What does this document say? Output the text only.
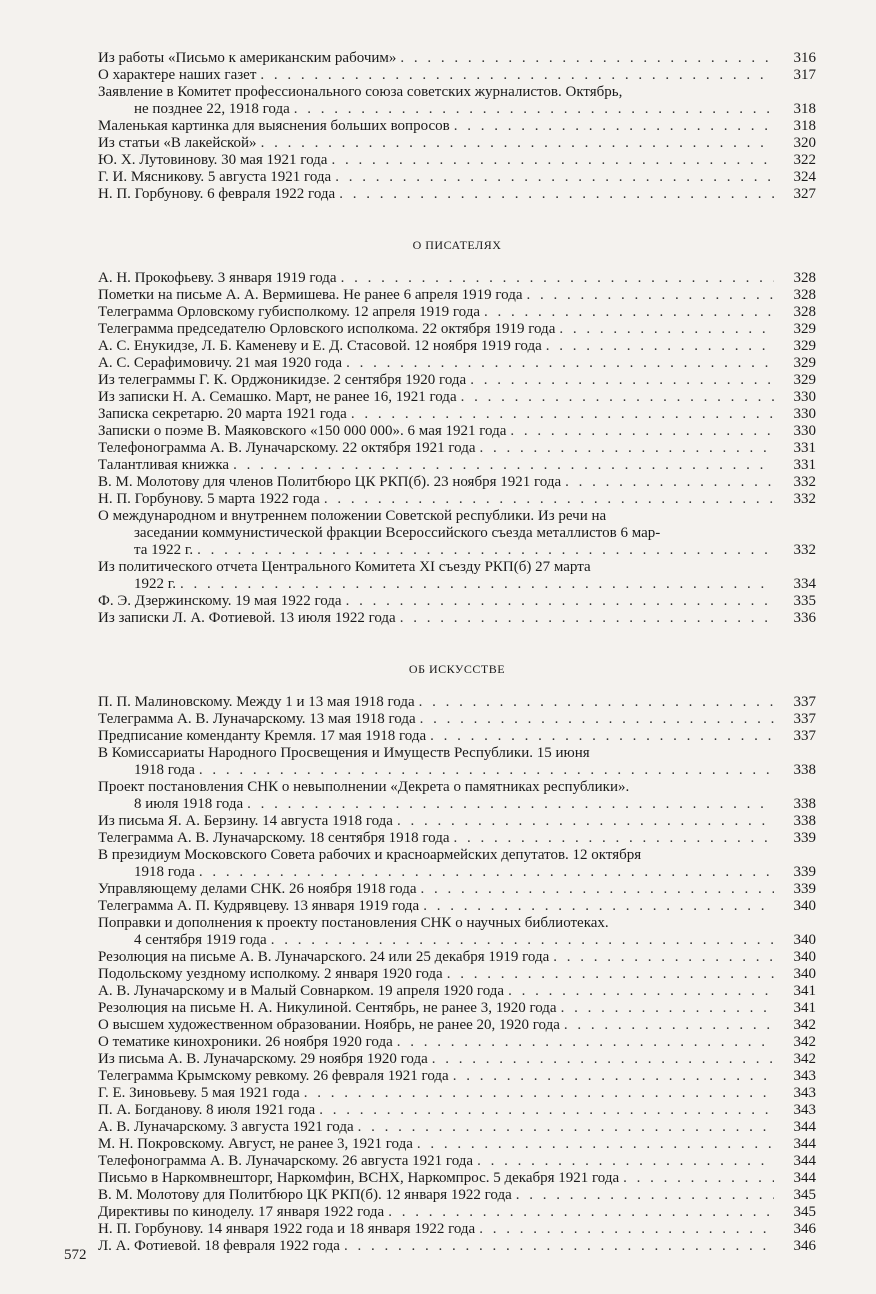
Из работы «Письмо к американским рабочим» . . .	316
О характере наших газет . . .	317
Заявление в Комитет профессионального союза советских журналистов. Октябрь,
не позднее 22, 1918 года . . .	318
Маленькая картинка для выяснения больших вопросов . . .	318
Из статьи «В лакейской» . . .	320
Ю. Х. Лутовинову. 30 мая 1921 года . . .	322
Г. И. Мясникову. 5 августа 1921 года . . .	324
Н. П. Горбунову. 6 февраля 1922 года . . .	327
О ПИСАТЕЛЯХ
А. Н. Прокофьеву. 3 января 1919 года . . .	328
Пометки на письме А. А. Вермишева. Не ранее 6 апреля 1919 года . . .	328
Телеграмма Орловскому губисполкому. 12 апреля 1919 года . . .	328
Телеграмма председателю Орловского исполкома. 22 октября 1919 года . . .	329
А. С. Енукидзе, Л. Б. Каменеву и Е. Д. Стасовой. 12 ноября 1919 года . . .	329
А. С. Серафимовичу. 21 мая 1920 года . . .	329
Из телеграммы Г. К. Орджоникидзе. 2 сентября 1920 года . . .	329
Из записки Н. А. Семашко. Март, не ранее 16, 1921 года . . .	330
Записка секретарю. 20 марта 1921 года . . .	330
Записки о поэме В. Маяковского «150 000 000». 6 мая 1921 года . . .	330
Телефонограмма А. В. Луначарскому. 22 октября 1921 года . . .	331
Талантливая книжка . . .	331
В. М. Молотову для членов Политбюро ЦК РКП(б). 23 ноября 1921 года . . .	332
Н. П. Горбунову. 5 марта 1922 года . . .	332
О международном и внутреннем положении Советской республики. Из речи на
заседании коммунистической фракции Всероссийского съезда металлистов 6 мар-
та 1922 г. . . .	332
Из политического отчета Центрального Комитета XI съезду РКП(б) 27 марта
1922 г. . . .	334
Ф. Э. Дзержинскому. 19 мая 1922 года . . .	335
Из записки Л. А. Фотиевой. 13 июля 1922 года . . .	336
ОБ ИСКУССТВЕ
П. П. Малиновскому. Между 1 и 13 мая 1918 года . . .	337
Телеграмма А. В. Луначарскому. 13 мая 1918 года . . .	337
Предписание коменданту Кремля. 17 мая 1918 года . . .	337
В Комиссариаты Народного Просвещения и Имуществ Республики. 15 июня
1918 года . . .	338
Проект постановления СНК о невыполнении «Декрета о памятниках республики».
8 июля 1918 года . . .	338
Из письма Я. А. Берзину. 14 августа 1918 года . . .	338
Телеграмма А. В. Луначарскому. 18 сентября 1918 года . . .	339
В президиум Московского Совета рабочих и красноармейских депутатов. 12 октября
1918 года . . .	339
Управляющему делами СНК. 26 ноября 1918 года . . .	339
Телеграмма А. П. Кудрявцеву. 13 января 1919 года . . .	340
Поправки и дополнения к проекту постановления СНК о научных библиотеках.
4 сентября 1919 года . . .	340
Резолюция на письме А. В. Луначарского. 24 или 25 декабря 1919 года . . .	340
Подольскому уездному исполкому. 2 января 1920 года . . .	340
А. В. Луначарскому и в Малый Совнарком. 19 апреля 1920 года . . .	341
Резолюция на письме Н. А. Никулиной. Сентябрь, не ранее 3, 1920 года . . .	341
О высшем художественном образовании. Ноябрь, не ранее 20, 1920 года . . .	342
О тематике кинохроники. 26 ноября 1920 года . . .	342
Из письма А. В. Луначарскому. 29 ноября 1920 года . . .	342
Телеграмма Крымскому ревкому. 26 февраля 1921 года . . .	343
Г. Е. Зиновьеву. 5 мая 1921 года . . .	343
П. А. Богданову. 8 июля 1921 года . . .	343
А. В. Луначарскому. 3 августа 1921 года . . .	344
М. Н. Покровскому. Август, не ранее 3, 1921 года . . .	344
Телефонограмма А. В. Луначарскому. 26 августа 1921 года . . .	344
Письмо в Наркомвнешторг, Наркомфин, ВСНХ, Наркомпрос. 5 декабря 1921 года . . .	344
В. М. Молотову для Политбюро ЦК РКП(б). 12 января 1922 года . . .	345
Директивы по киноделу. 17 января 1922 года . . .	345
Н. П. Горбунову. 14 января 1922 года и 18 января 1922 года . . .	346
Л. А. Фотиевой. 18 февраля 1922 года . . .	346
572
